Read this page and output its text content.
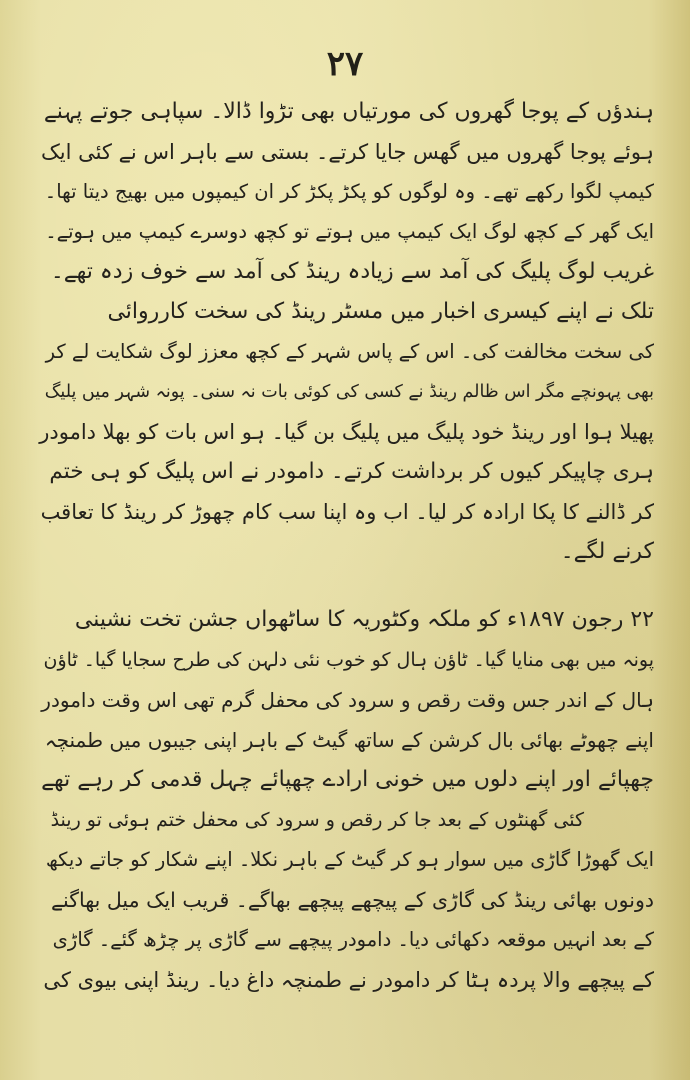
۲۷
ہندؤں کے پوجا گھروں کی مورتیاں بھی تڑوا ڈالا۔ سپاہی جوتے پہنے
ہوئے پوجا گھروں میں گھس جایا کرتے۔ بستی سے باہر اس نے کئی ایک
کیمپ لگوا رکھے تھے۔ وہ لوگوں کو پکڑ پکڑ کر ان کیمپوں میں بھیج دیتا تھا۔
ایک گھر کے کچھ لوگ ایک کیمپ میں ہوتے تو کچھ دوسرے کیمپ میں ہوتے۔
غریب لوگ پلیگ کی آمد سے زیادہ رینڈ کی آمد سے خوف زدہ تھے۔
تلک نے اپنے کیسری اخبار میں مسٹر رینڈ کی سخت کارروائی
کی سخت مخالفت کی۔ اس کے پاس شہر کے کچھ معزز لوگ شکایت لے کر
بھی پہونچے مگر اس ظالم رینڈ نے کسی کی کوئی بات نہ سنی۔ پونہ شہر میں پلیگ
پھیلا ہوا اور رینڈ خود پلیگ میں پلیگ بن گیا۔ ہو اس بات کو بھلا دامودر
ہری چاپیکر کیوں کر برداشت کرتے۔ دامودر نے اس پلیگ کو ہی ختم
کر ڈالنے کا پکا ارادہ کر لیا۔ اب وہ اپنا سب کام چھوڑ کر رینڈ کا تعاقب
کرنے لگے۔
۲۲ رجون ۱۸۹۷ء کو ملکہ وکٹوریہ کا ساٹھواں جشن تخت نشینی
پونہ میں بھی منایا گیا۔ ٹاؤن ہال کو خوب نئی دلہن کی طرح سجایا گیا۔ ٹاؤن
ہال کے اندر جس وقت رقص و سرود کی محفل گرم تھی اس وقت دامودر
اپنے چھوٹے بھائی بال کرشن کے ساتھ گیٹ کے باہر اپنی جیبوں میں طمنچہ
چھپائے اور اپنے دلوں میں خونی ارادے چھپائے چہل قدمی کر رہے تھے
کئی گھنٹوں کے بعد جا کر رقص و سرود کی محفل ختم ہوئی تو رینڈ
ایک گھوڑا گاڑی میں سوار ہو کر گیٹ کے باہر نکلا۔ اپنے شکار کو جاتے دیکھ
دونوں بھائی رینڈ کی گاڑی کے پیچھے پیچھے بھاگے۔ قریب ایک میل بھاگنے
کے بعد انہیں موقعہ دکھائی دیا۔ دامودر پیچھے سے گاڑی پر چڑھ گئے۔ گاڑی
کے پیچھے والا پردہ ہٹا کر دامودر نے طمنچہ داغ دیا۔ رینڈ اپنی بیوی کی
